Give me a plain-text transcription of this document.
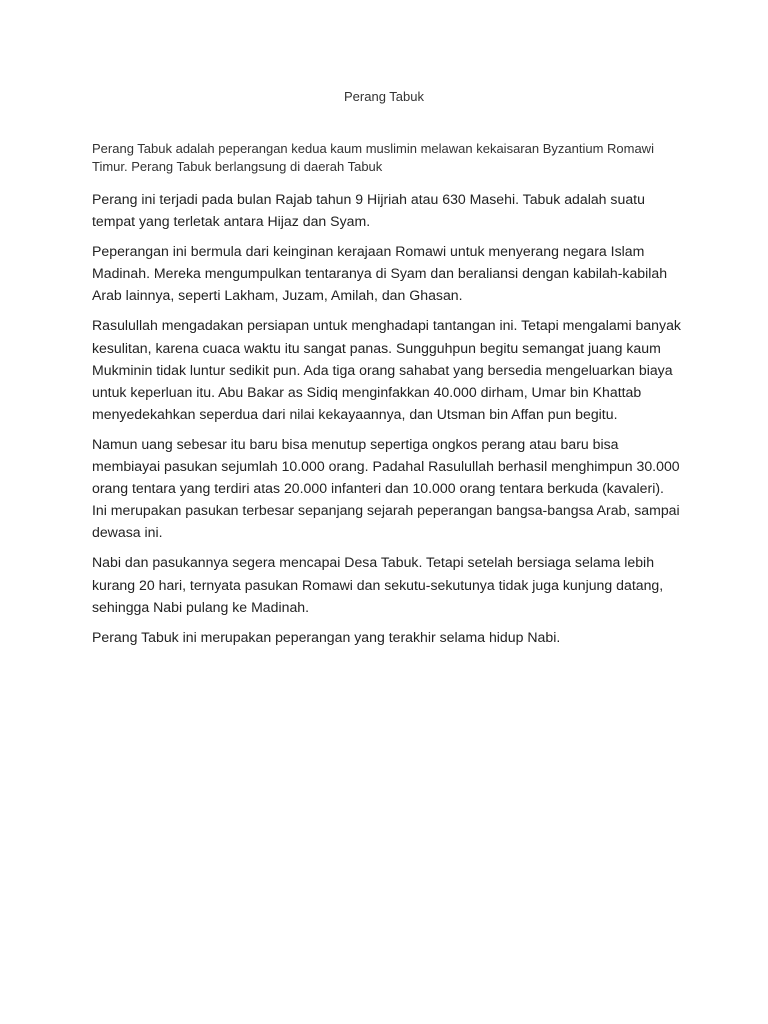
Perang Tabuk

Perang Tabuk adalah peperangan kedua kaum muslimin melawan kekaisaran Byzantium Romawi Timur. Perang Tabuk berlangsung di daerah Tabuk

Perang ini terjadi pada bulan Rajab tahun 9 Hijriah atau 630 Masehi. Tabuk adalah suatu tempat yang terletak antara Hijaz dan Syam.

Peperangan ini bermula dari keinginan kerajaan Romawi untuk menyerang negara Islam Madinah. Mereka mengumpulkan tentaranya di Syam dan beraliansi dengan kabilah-kabilah Arab lainnya, seperti Lakham, Juzam, Amilah, dan Ghasan.

Rasulullah mengadakan persiapan untuk menghadapi tantangan ini. Tetapi mengalami banyak kesulitan, karena cuaca waktu itu sangat panas. Sungguhpun begitu semangat juang kaum Mukminin tidak luntur sedikit pun. Ada tiga orang sahabat yang bersedia mengeluarkan biaya untuk keperluan itu. Abu Bakar as Sidiq menginfakkan 40.000 dirham, Umar bin Khattab menyedekahkan seperdua dari nilai kekayaannya, dan Utsman bin Affan pun begitu.

Namun uang sebesar itu baru bisa menutup sepertiga ongkos perang atau baru bisa membiayai pasukan sejumlah 10.000 orang. Padahal Rasulullah berhasil menghimpun 30.000 orang tentara yang terdiri atas 20.000 infanteri dan 10.000 orang tentara berkuda (kavaleri). Ini merupakan pasukan terbesar sepanjang sejarah peperangan bangsa-bangsa Arab, sampai dewasa ini.

Nabi dan pasukannya segera mencapai Desa Tabuk. Tetapi setelah bersiaga selama lebih kurang 20 hari, ternyata pasukan Romawi dan sekutu-sekutunya tidak juga kunjung datang, sehingga Nabi pulang ke Madinah.

Perang Tabuk ini merupakan peperangan yang terakhir selama hidup Nabi.
